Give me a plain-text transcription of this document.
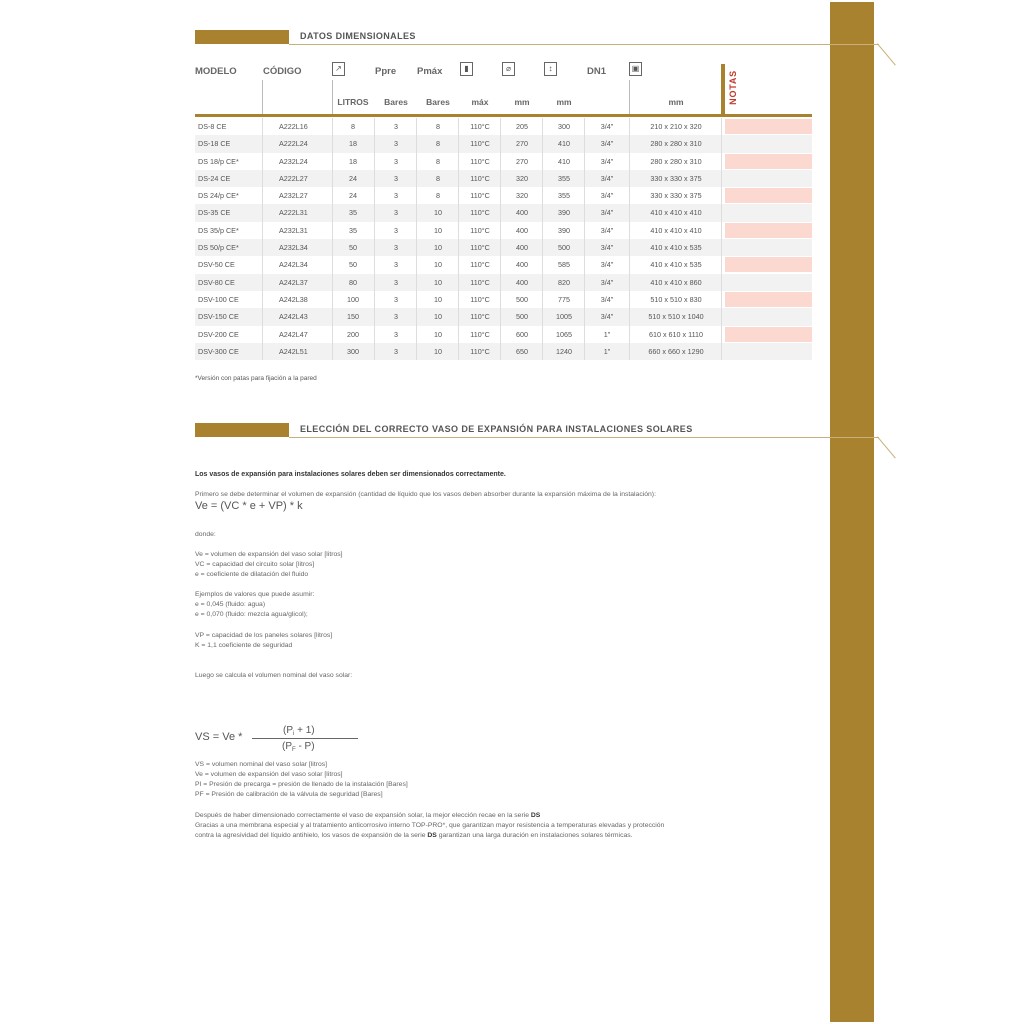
DATOS DIMENSIONALES
MODELO	CÓDIGO	↗	Ppre Pmáx	▮	⌀	↕	DN1	▣
NOTAS
LITROS	Bares	Bares	máx	mm	mm	mm
DS-8 CE	A222L16	8	3	8	110°C	205	300	3/4"	210 x 210 x 320
DS-18 CE	A222L24	18	3	8	110°C	270	410	3/4"	280 x 280 x 310
DS 18/p CE*	A232L24	18	3	8	110°C	270	410	3/4"	280 x 280 x 310
DS-24 CE	A222L27	24	3	8	110°C	320	355	3/4"	330 x 330 x 375
DS 24/p CE*	A232L27	24	3	8	110°C	320	355	3/4"	330 x 330 x 375
DS-35 CE	A222L31	35	3	10	110°C	400	390	3/4"	410 x 410 x 410
DS 35/p CE*	A232L31	35	3	10	110°C	400	390	3/4"	410 x 410 x 410
DS 50/p CE*	A232L34	50	3	10	110°C	400	500	3/4"	410 x 410 x 535
DSV-50 CE	A242L34	50	3	10	110°C	400	585	3/4"	410 x 410 x 535
DSV-80 CE	A242L37	80	3	10	110°C	400	820	3/4"	410 x 410 x 860
DSV-100 CE	A242L38	100	3	10	110°C	500	775	3/4"	510 x 510 x 830
DSV-150 CE	A242L43	150	3	10	110°C	500	1005	3/4"	510 x 510 x 1040
DSV-200 CE	A242L47	200	3	10	110°C	600	1065	1"	610 x 610 x 1110
DSV-300 CE	A242L51	300	3	10	110°C	650	1240	1"	660 x 660 x 1290
*Versión con patas para fijación a la pared
ELECCIÓN DEL CORRECTO VASO DE EXPANSIÓN PARA INSTALACIONES SOLARES
Los vasos de expansión para instalaciones solares deben ser dimensionados correctamente.
Primero se debe determinar el volumen de expansión (cantidad de líquido que los vasos deben absorber durante la expansión máxima de la instalación):
Ve = (VC * e + VP) * k
donde:
Ve = volumen de expansión del vaso solar [litros]
VC = capacidad del circuito solar [litros]
e = coeficiente de dilatación del fluido
Ejemplos de valores que puede asumir:
e = 0,045 (fluido: agua)
e = 0,070 (fluido: mezcla agua/glicol);
VP = capacidad de los paneles solares [litros]
K = 1,1 coeficiente de seguridad
Luego se calcula el volumen nominal del vaso solar:
VS = Ve *
$(P_i + 1)$
$(P_F - P)$
VS = volumen nominal del vaso solar [litros]
Ve = volumen de expansión del vaso solar [litros]
PI = Presión de precarga = presión de llenado de la instalación [Bares]
PF = Presión de calibración de la válvula de seguridad [Bares]
Después de haber dimensionado correctamente el vaso de expansión solar, la mejor elección recae en la serie DS
Gracias a una membrana especial y al tratamiento anticorrosivo interno TOP-PRO*, que garantizan mayor resistencia a temperaturas elevadas y protección
contra la agresividad del líquido antihielo, los vasos de expansión de la serie DS garantizan una larga duración en instalaciones solares térmicas.
